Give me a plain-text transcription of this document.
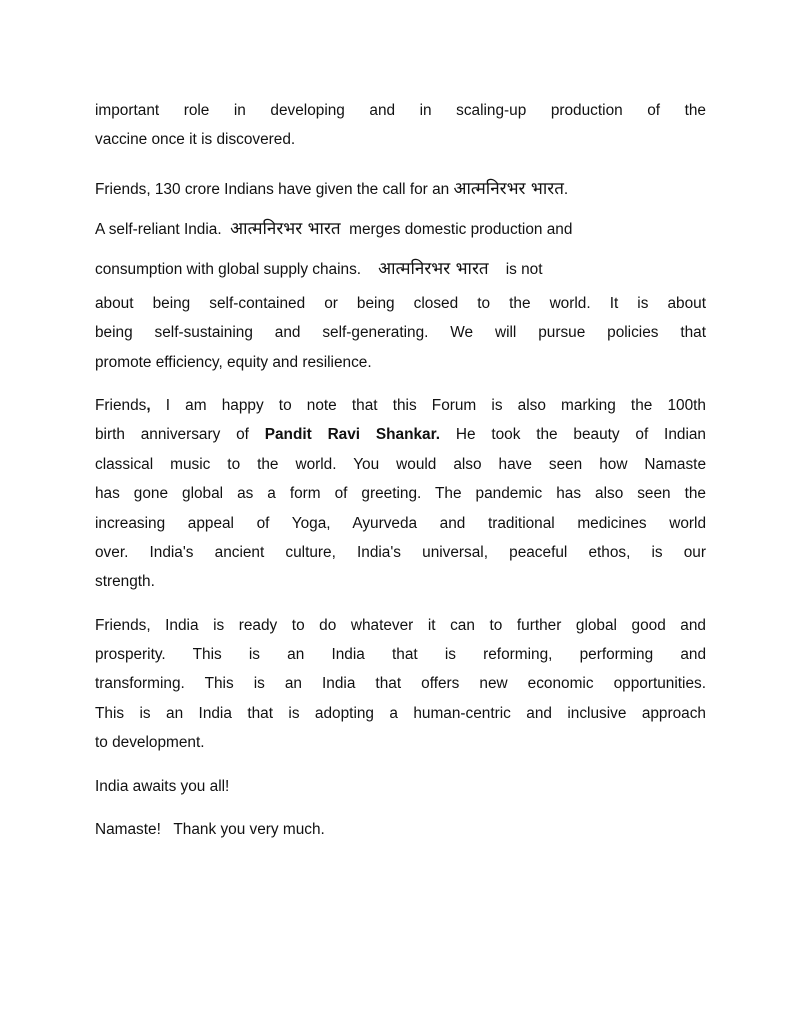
important role in developing and in scaling-up production of the
vaccine once it is discovered.
Friends, 130 crore Indians have given the call for an आत्मनिरभर भारत.
A self-reliant India.  आत्मनिरभर भारत  merges domestic production and
consumption with global supply chains.    आत्मनिरभर भारत    is not
about being self-contained or being closed to the world. It is about
being self-sustaining and self-generating. We will pursue policies that
promote efficiency, equity and resilience.
Friends, I am happy to note that this Forum is also marking the 100th
birth anniversary of Pandit Ravi Shankar. He took the beauty of Indian
classical music to the world. You would also have seen how Namaste
has gone global as a form of greeting. The pandemic has also seen the
increasing appeal of Yoga, Ayurveda and traditional medicines world
over. India's ancient culture, India's universal, peaceful ethos, is our
strength.
Friends, India is ready to do whatever it can to further global good and
prosperity. This is an India that is reforming, performing and
transforming. This is an India that offers new economic opportunities.
This is an India that is adopting a human-centric and inclusive approach
to development.
India awaits you all!
Namaste!   Thank you very much.
